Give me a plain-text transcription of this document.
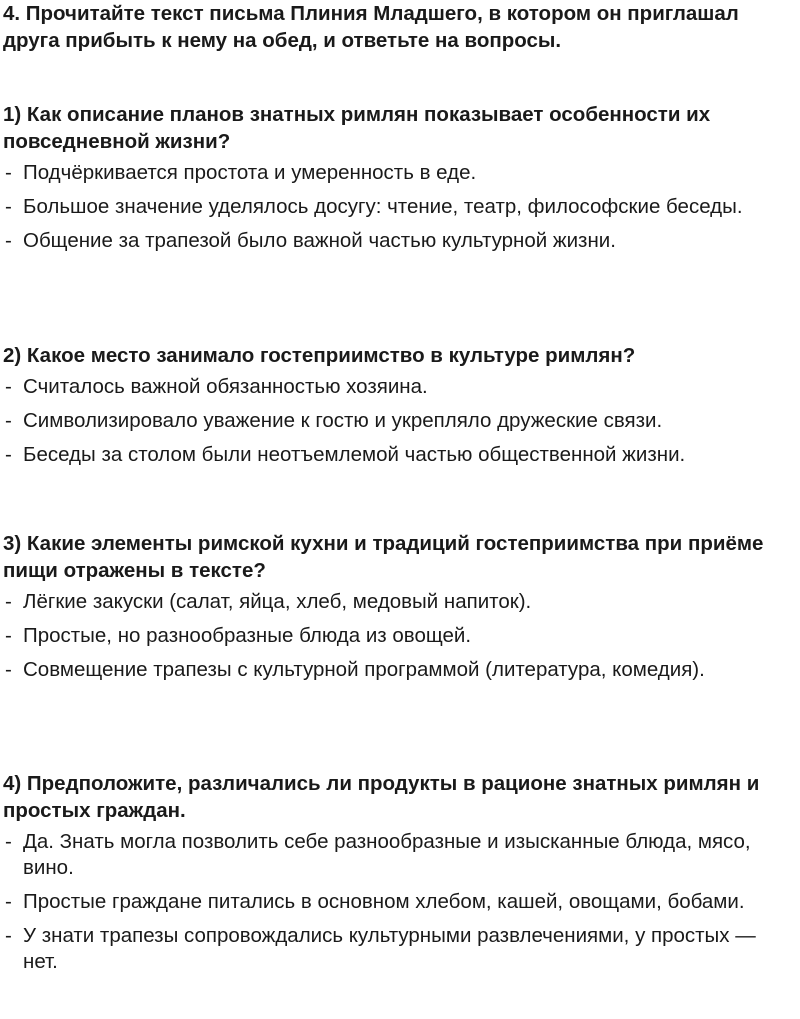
4. Прочитайте текст письма Плиния Младшего, в котором он приглашал друга прибыть к нему на обед, и ответьте на вопросы.

1) Как описание планов знатных римлян показывает особенности их повседневной жизни?

- Подчёркивается простота и умеренность в еде.
- Большое значение уделялось досугу: чтение, театр, философские беседы.
- Общение за трапезой было важной частью культурной жизни.

2) Какое место занимало гостеприимство в культуре римлян?

- Считалось важной обязанностью хозяина.
- Символизировало уважение к гостю и укрепляло дружеские связи.
- Беседы за столом были неотъемлемой частью общественной жизни.

3) Какие элементы римской кухни и традиций гостеприимства при приёме пищи отражены в тексте?

- Лёгкие закуски (салат, яйца, хлеб, медовый напиток).
- Простые, но разнообразные блюда из овощей.
- Совмещение трапезы с культурной программой (литература, комедия).

4) Предположите, различались ли продукты в рационе знатных римлян и простых граждан.

- Да. Знать могла позволить себе разнообразные и изысканные блюда, мясо, вино.
- Простые граждане питались в основном хлебом, кашей, овощами, бобами.
- У знати трапезы сопровождались культурными развлечениями, у простых — нет.
